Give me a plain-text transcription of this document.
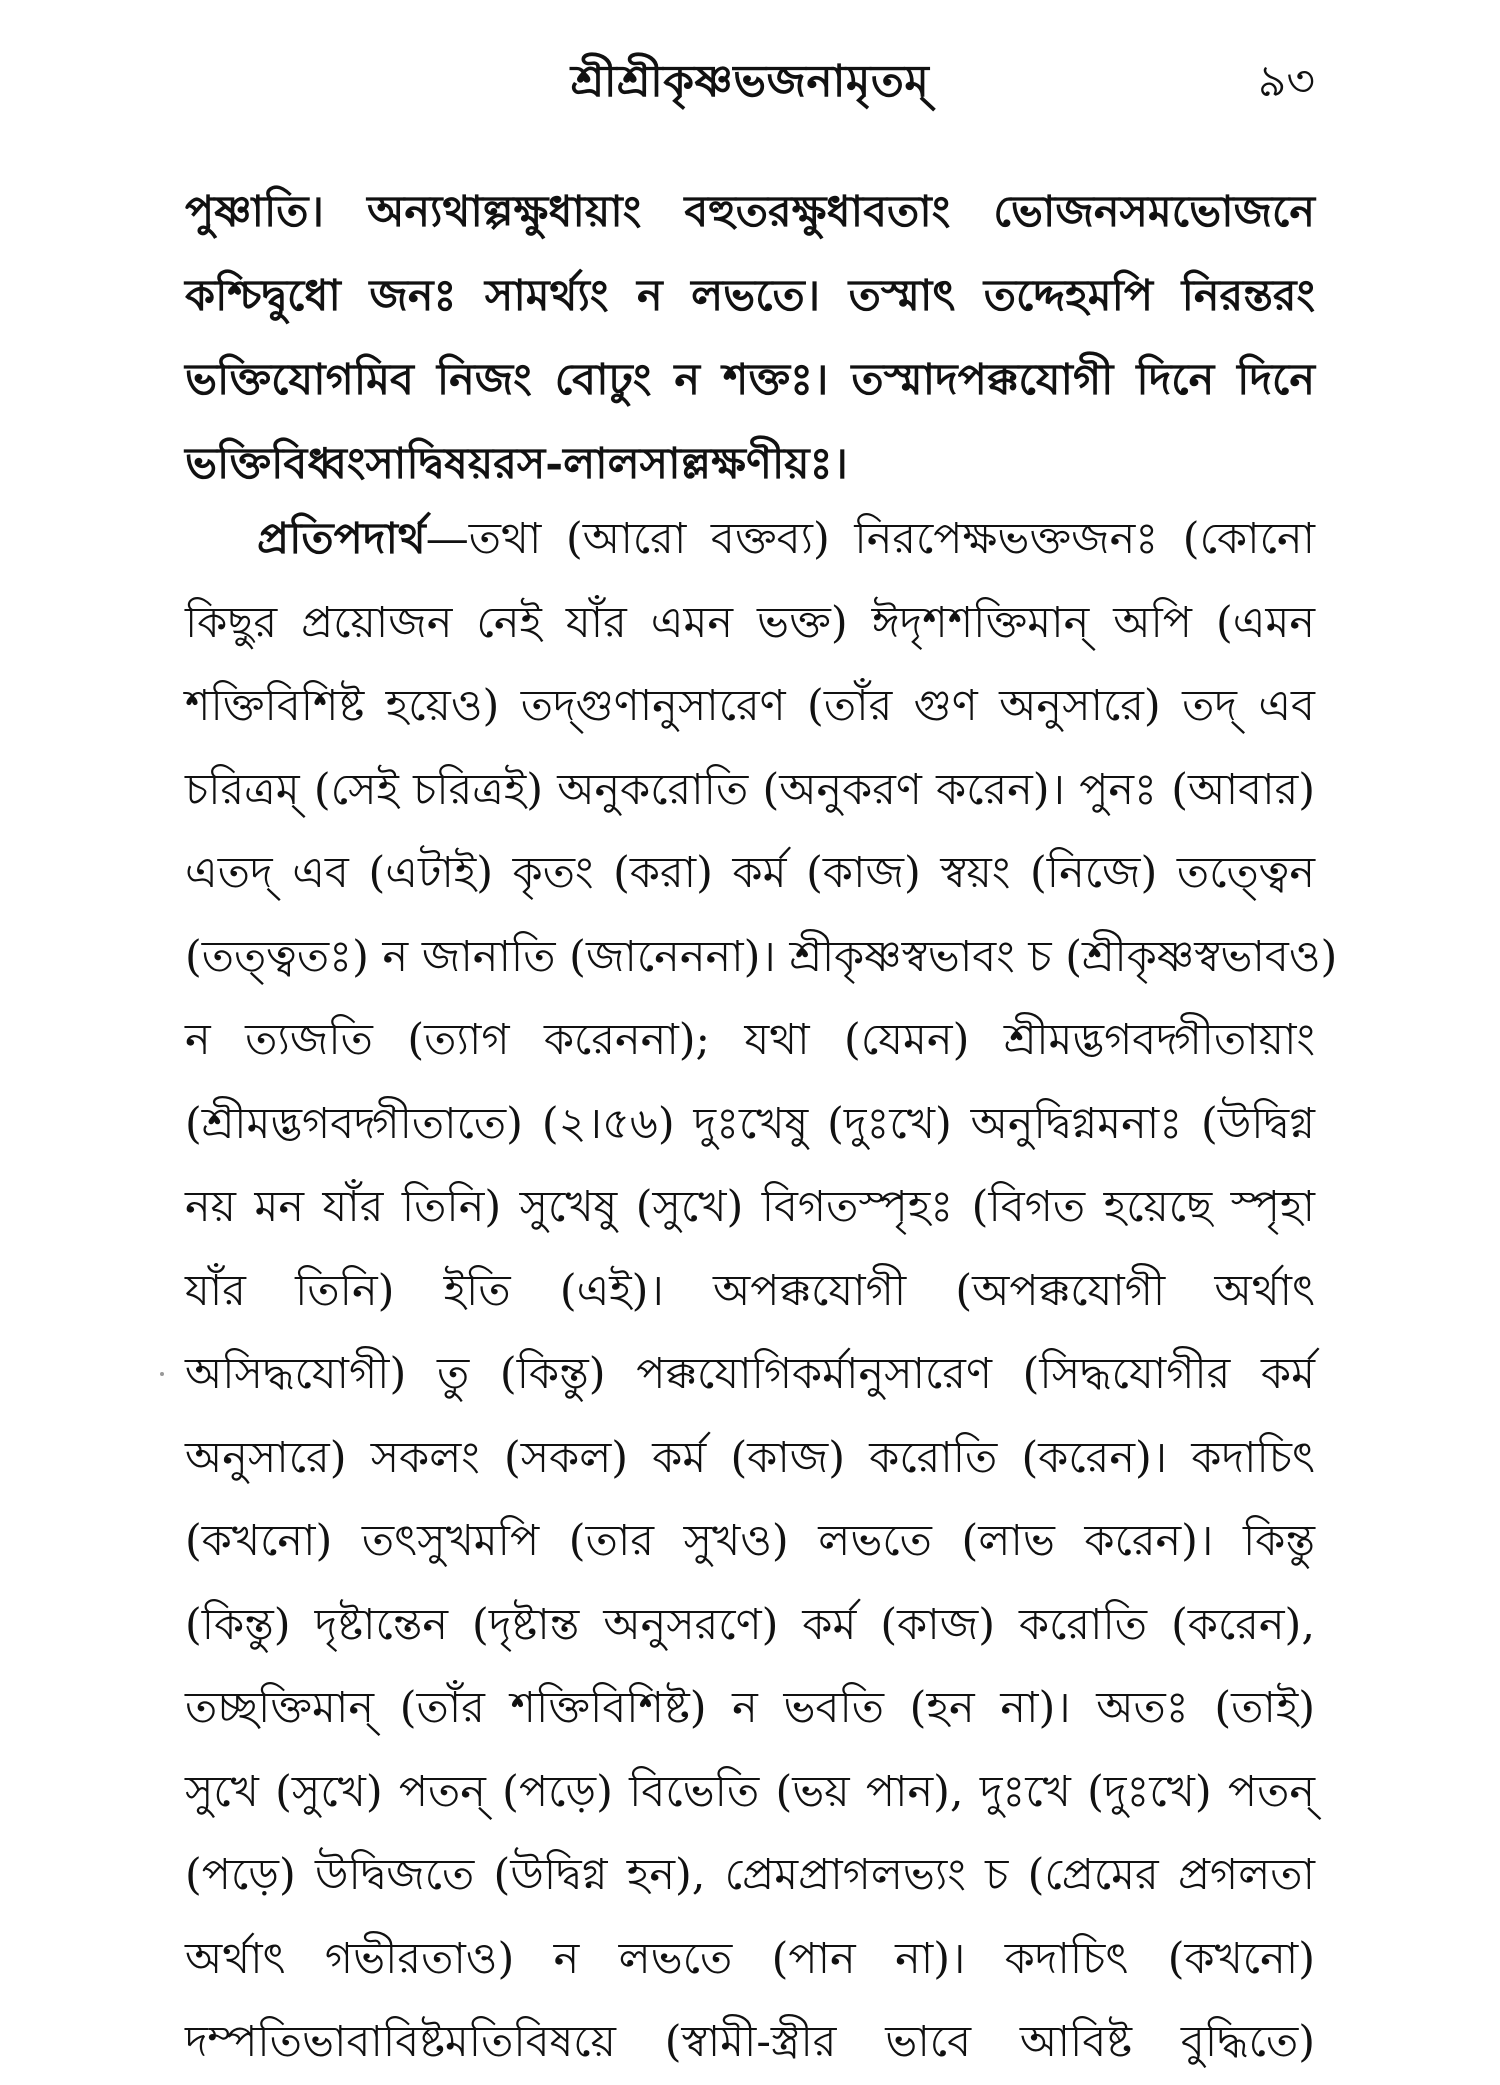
শ্রীশ্রীকৃষ্ণভজনামৃতম্	৯৩
পুষ্ণাতি। অন্যথাল্পক্ষুধায়াং বহুতরক্ষুধাবতাং ভোজনসমভোজনে
কশ্চিদ্বুধো জনঃ সামর্থ্যং ন লভতে। তস্মাৎ তদ্দেহমপি নিরন্তরং
ভক্তিযোগমিব নিজং বোঢুং ন শক্তঃ। তস্মাদপক্কযোগী দিনে দিনে
ভক্তিবিধ্বংসাদ্বিষয়রস-লালসাল্লক্ষণীয়ঃ।
প্রতিপদার্থ—তথা (আরো বক্তব্য) নিরপেক্ষভক্তজনঃ (কোনো
কিছুর প্রয়োজন নেই যাঁর এমন ভক্ত) ঈদৃশশক্তিমান্ অপি (এমন
শক্তিবিশিষ্ট হয়েও) তদ্গুণানুসারেণ (তাঁর গুণ অনুসারে) তদ্ এব
চরিত্রম্ (সেই চরিত্রই) অনুকরোতি (অনুকরণ করেন)। পুনঃ (আবার)
এতদ্ এব (এটাই) কৃতং (করা) কর্ম (কাজ) স্বয়ং (নিজে) তত্ত্বেন
(তত্ত্বতঃ) ন জানাতি (জানেননা)। শ্রীকৃষ্ণস্বভাবং চ (শ্রীকৃষ্ণস্বভাবও)
ন ত্যজতি (ত্যাগ করেননা); যথা (যেমন) শ্রীমদ্ভগবদ্গীতায়াং
(শ্রীমদ্ভগবদ্গীতাতে) (২।৫৬) দুঃখেষু (দুঃখে) অনুদ্বিগ্নমনাঃ (উদ্বিগ্ন
নয় মন যাঁর তিনি) সুখেষু (সুখে) বিগতস্পৃহঃ (বিগত হয়েছে স্পৃহা
যাঁর তিনি) ইতি (এই)। অপক্কযোগী (অপক্কযোগী অর্থাৎ
অসিদ্ধযোগী) তু (কিন্তু) পক্কযোগিকর্মানুসারেণ (সিদ্ধযোগীর কর্ম
অনুসারে) সকলং (সকল) কর্ম (কাজ) করোতি (করেন)। কদাচিৎ
(কখনো) তৎসুখমপি (তার সুখও) লভতে (লাভ করেন)। কিন্তু
(কিন্তু) দৃষ্টান্তেন (দৃষ্টান্ত অনুসরণে) কর্ম (কাজ) করোতি (করেন),
তচ্ছক্তিমান্ (তাঁর শক্তিবিশিষ্ট) ন ভবতি (হন না)। অতঃ (তাই)
সুখে (সুখে) পতন্ (পড়ে) বিভেতি (ভয় পান), দুঃখে (দুঃখে) পতন্
(পড়ে) উদ্বিজতে (উদ্বিগ্ন হন), প্রেমপ্রাগলভ্যং চ (প্রেমের প্রগলতা
অর্থাৎ গভীরতাও) ন লভতে (পান না)। কদাচিৎ (কখনো)
দম্পতিভাবাবিষ্টমতিবিষয়ে (স্বামী-স্ত্রীর ভাবে আবিষ্ট বুদ্ধিতে)
